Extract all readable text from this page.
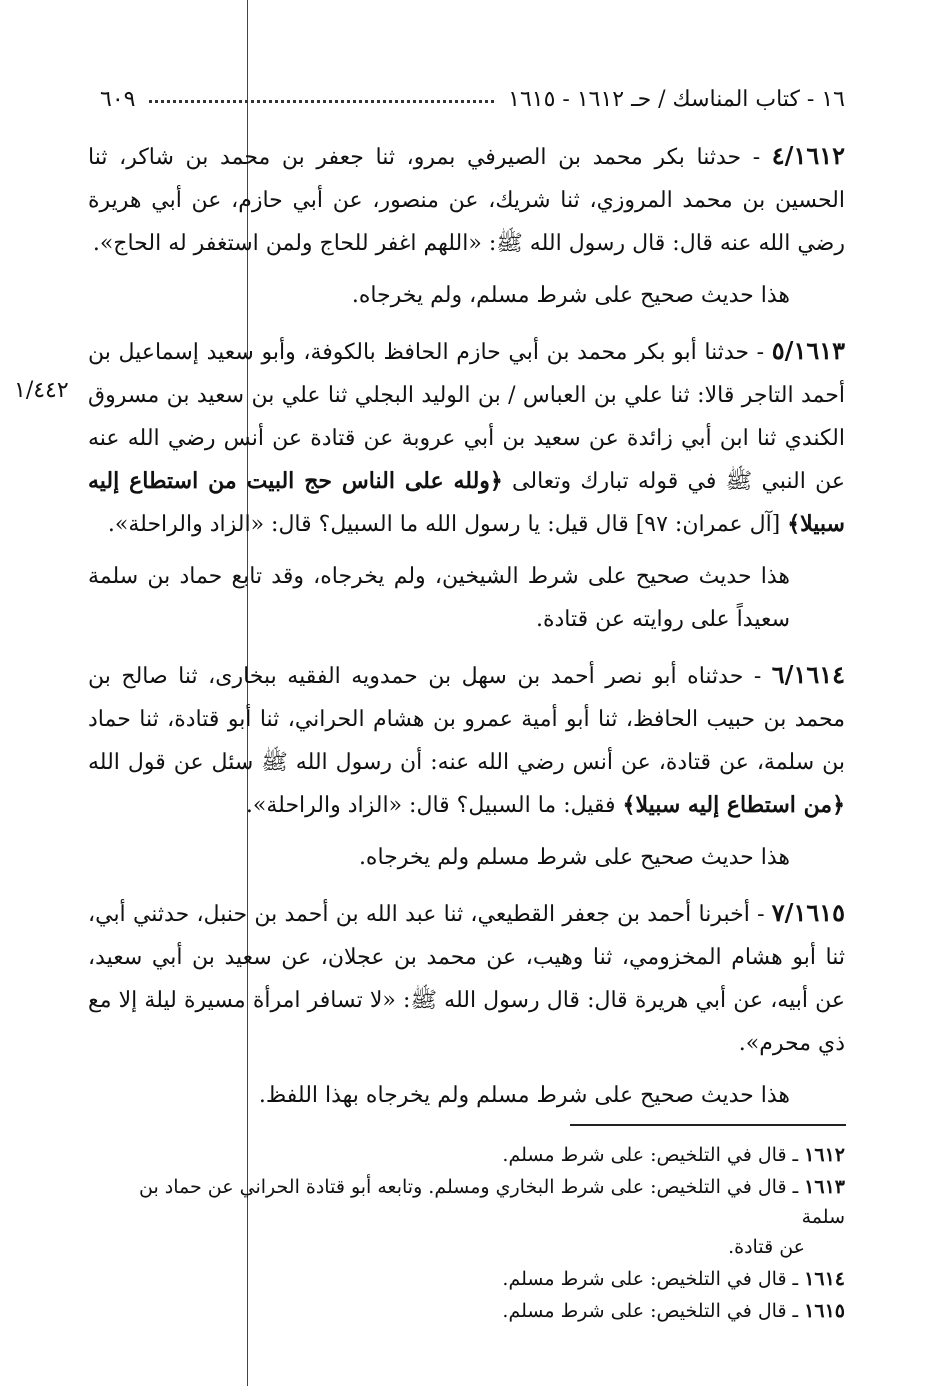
١٦ - كتاب المناسك / حـ ١٦١٢ - ١٦١٥
٦٠٩
١/٤٤٢

٤/١٦١٢ - حدثنا بكر محمد بن الصيرفي بمرو، ثنا جعفر بن محمد بن شاكر، ثنا الحسين بن محمد المروزي، ثنا شريك، عن منصور، عن أبي حازم، عن أبي هريرة رضي الله عنه قال: قال رسول الله ﷺ: «اللهم اغفر للحاج ولمن استغفر له الحاج».

هذا حديث صحيح على شرط مسلم، ولم يخرجاه.

٥/١٦١٣ - حدثنا أبو بكر محمد بن أبي حازم الحافظ بالكوفة، وأبو سعيد إسماعيل بن أحمد التاجر قالا: ثنا علي بن العباس / بن الوليد البجلي ثنا علي بن سعيد بن مسروق الكندي ثنا ابن أبي زائدة عن سعيد بن أبي عروبة عن قتادة عن أنس رضي الله عنه عن النبي ﷺ في قوله تبارك وتعالى ﴿ولله على الناس حج البيت من استطاع إليه سبيلا﴾ [آل عمران: ٩٧] قال قيل: يا رسول الله ما السبيل؟ قال: «الزاد والراحلة».

هذا حديث صحيح على شرط الشيخين، ولم يخرجاه، وقد تابع حماد بن سلمة سعيداً على روايته عن قتادة.

٦/١٦١٤ - حدثناه أبو نصر أحمد بن سهل بن حمدويه الفقيه ببخارى، ثنا صالح بن محمد بن حبيب الحافظ، ثنا أبو أمية عمرو بن هشام الحراني، ثنا أبو قتادة، ثنا حماد بن سلمة، عن قتادة، عن أنس رضي الله عنه: أن رسول الله ﷺ سئل عن قول الله ﴿من استطاع إليه سبيلا﴾ فقيل: ما السبيل؟ قال: «الزاد والراحلة».

هذا حديث صحيح على شرط مسلم ولم يخرجاه.

٧/١٦١٥ - أخبرنا أحمد بن جعفر القطيعي، ثنا عبد الله بن أحمد بن حنبل، حدثني أبي، ثنا أبو هشام المخزومي، ثنا وهيب، عن محمد بن عجلان، عن سعيد بن أبي سعيد، عن أبيه، عن أبي هريرة قال: قال رسول الله ﷺ: «لا تسافر امرأة مسيرة ليلة إلا مع ذي محرم».

هذا حديث صحيح على شرط مسلم ولم يخرجاه بهذا اللفظ.

١٦١٢ ـ قال في التلخيص: على شرط مسلم.
١٦١٣ ـ قال في التلخيص: على شرط البخاري ومسلم. وتابعه أبو قتادة الحراني عن حماد بن سلمة
عن قتادة.
١٦١٤ ـ قال في التلخيص: على شرط مسلم.
١٦١٥ ـ قال في التلخيص: على شرط مسلم.
